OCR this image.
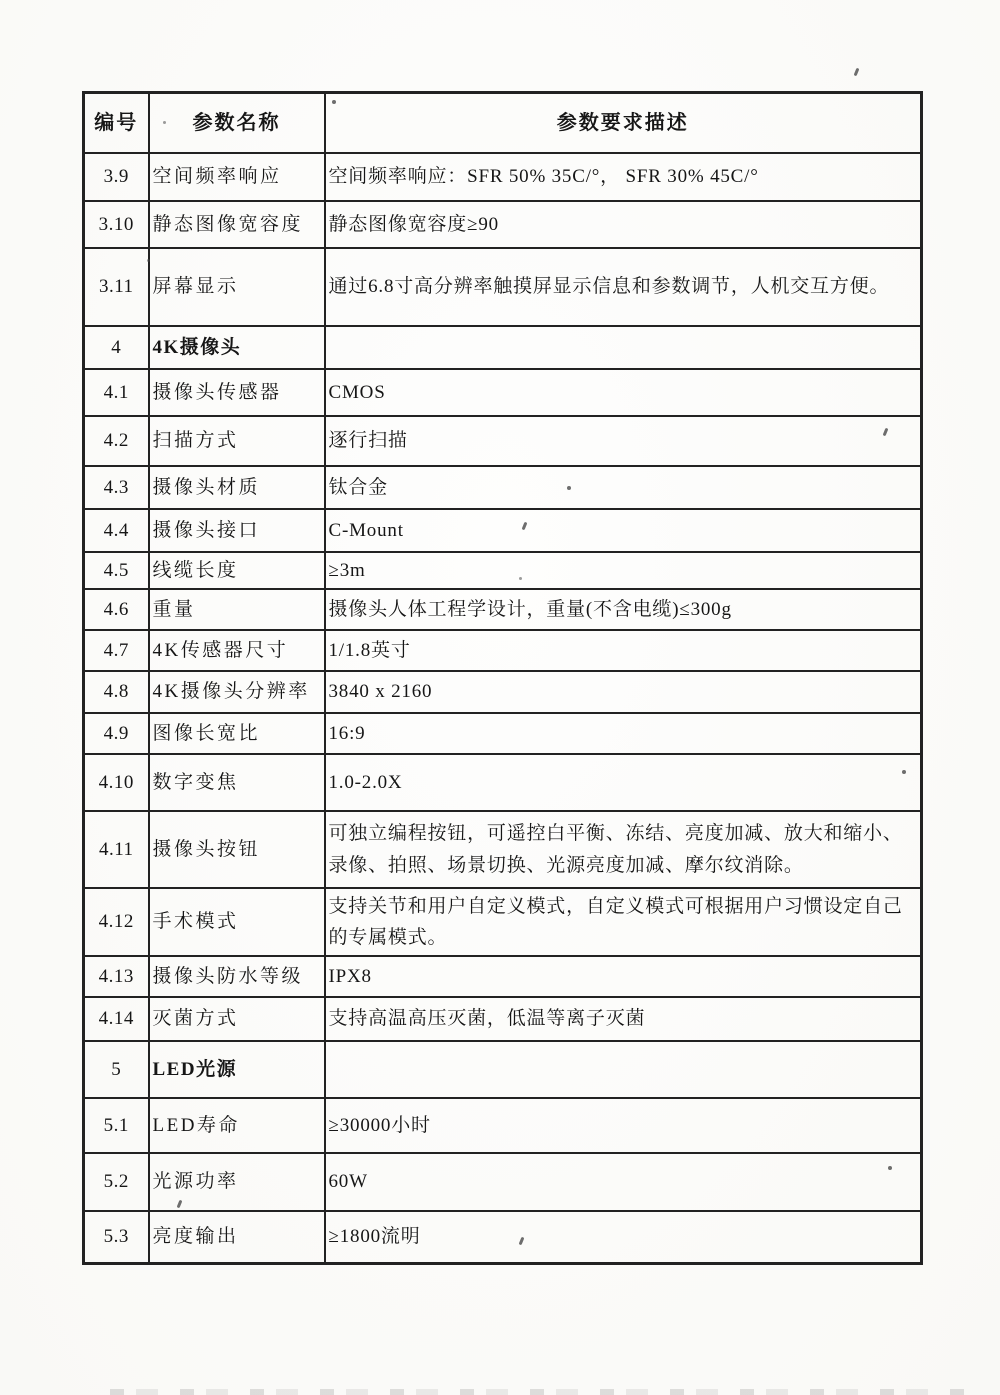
编号	参数名称	参数要求描述
3.9	空间频率响应	空间频率响应：SFR 50% 35C/°， SFR 30% 45C/°
3.10	静态图像宽容度	静态图像宽容度≥90
3.11	屏幕显示	通过6.8寸高分辨率触摸屏显示信息和参数调节，人机交互方便。
4	4K摄像头	
4.1	摄像头传感器	CMOS
4.2	扫描方式	逐行扫描
4.3	摄像头材质	钛合金
4.4	摄像头接口	C-Mount
4.5	线缆长度	≥3m
4.6	重量	摄像头人体工程学设计，重量(不含电缆)≤300g
4.7	4K传感器尺寸	1/1.8英寸
4.8	4K摄像头分辨率	3840 x 2160
4.9	图像长宽比	16:9
4.10	数字变焦	1.0-2.0X
4.11	摄像头按钮	可独立编程按钮，可遥控白平衡、冻结、亮度加减、放大和缩小、录像、拍照、场景切换、光源亮度加减、摩尔纹消除。
4.12	手术模式	支持关节和用户自定义模式，自定义模式可根据用户习惯设定自己的专属模式。
4.13	摄像头防水等级	IPX8
4.14	灭菌方式	支持高温高压灭菌，低温等离子灭菌
5	LED光源	
5.1	LED寿命	≥30000小时
5.2	光源功率	60W
5.3	亮度输出	≥1800流明
